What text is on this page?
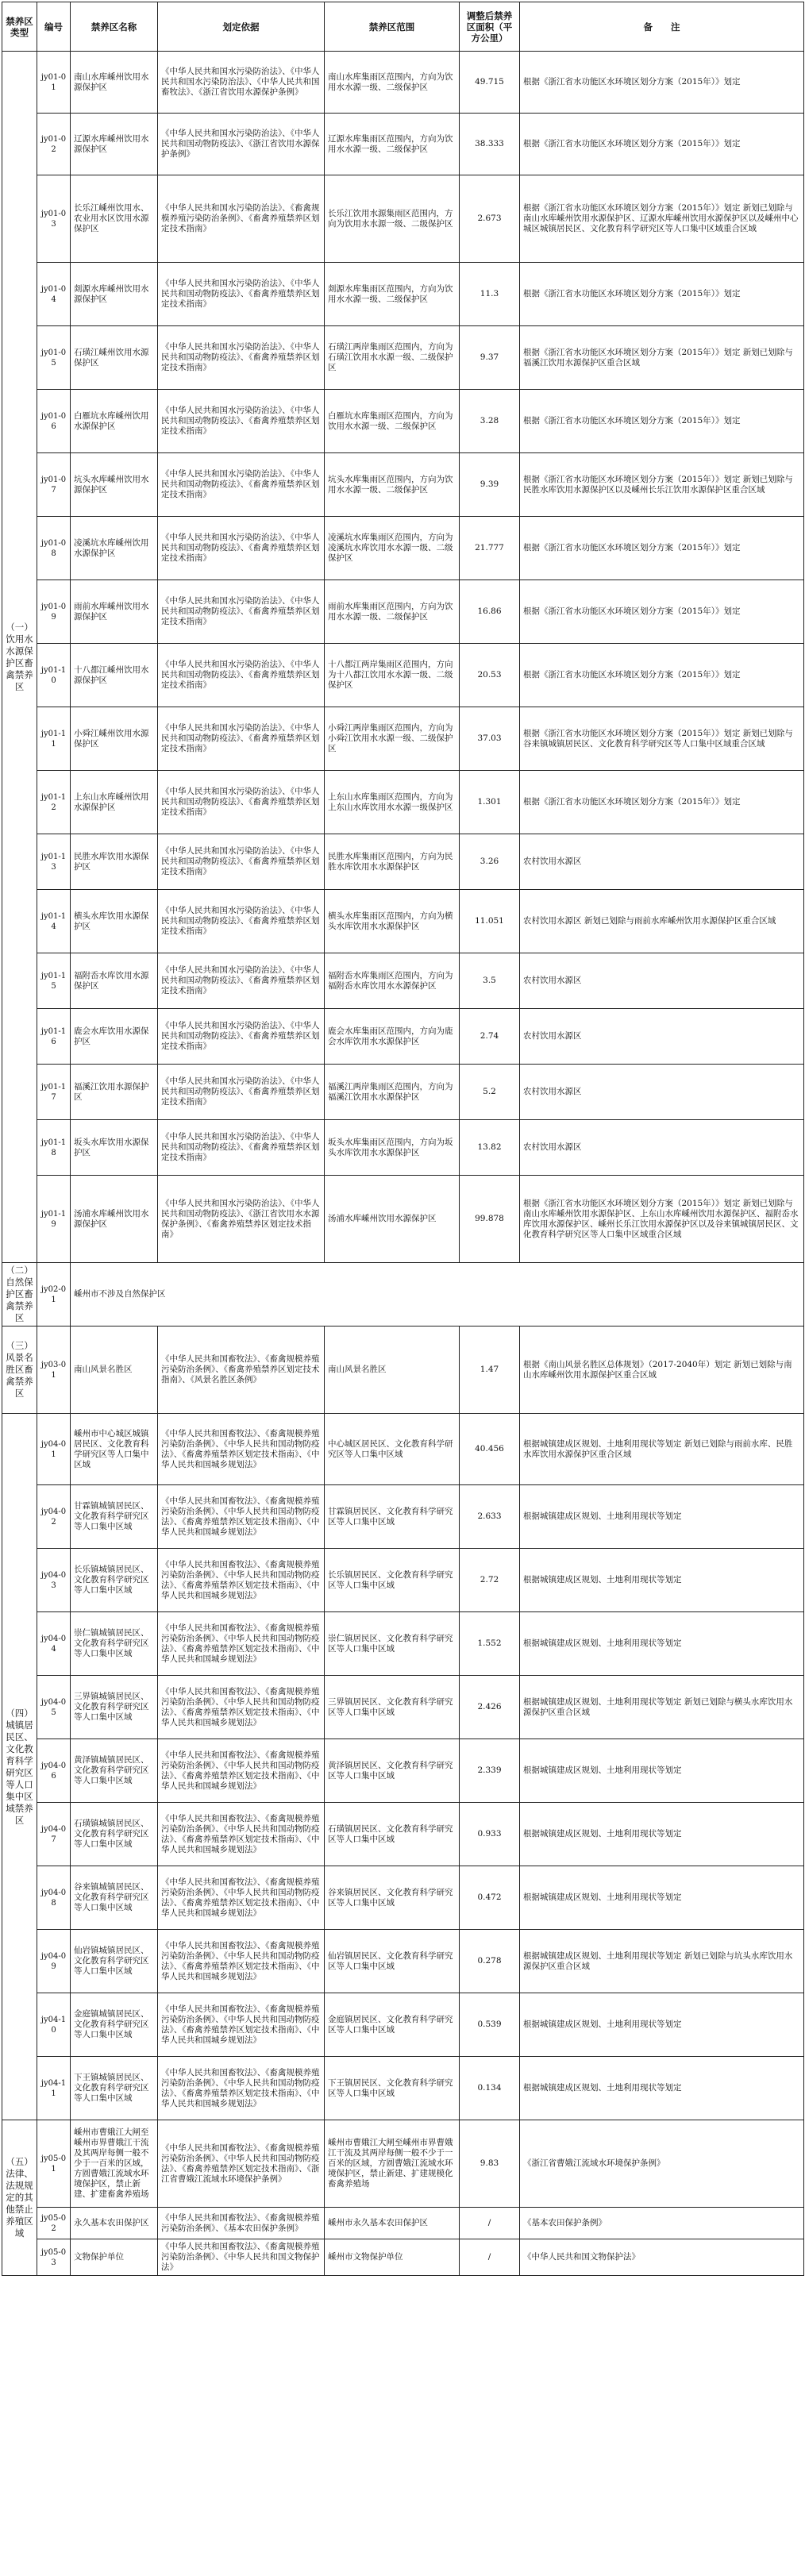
禁养区类型	编号	禁养区名称	划定依据	禁养区范围	调整后禁养区面积（平方公里）	备　　注
（一）饮用水水源保护区畜禽禁养区	jy01-01	南山水库嵊州饮用水源保护区	《中华人民共和国水污染防治法》、《中华人民共和国水污染防治法》、《中华人民共和国畜牧法》、《浙江省饮用水源保护条例》	南山水库集雨区范围内，方向为饮用水水源一级、二级保护区	49.715	根据《浙江省水功能区水环境区划分方案（2015年）》划定
	jy01-02	辽源水库嵊州饮用水源保护区	《中华人民共和国水污染防治法》、《中华人民共和国动物防疫法》、《浙江省饮用水源保护条例》	辽源水库集雨区范围内，方向为饮用水水源一级、二级保护区	38.333	根据《浙江省水功能区水环境区划分方案（2015年）》划定
	jy01-03	长乐江嵊州饮用水、农业用水区饮用水源保护区	《中华人民共和国水污染防治法》、《畜禽规模养殖污染防治条例》、《畜禽养殖禁养区划定技术指南》	长乐江饮用水源集雨区范围内，方向为饮用水水源一级、二级保护区	2.673	根据《浙江省水功能区水环境区划分方案（2015年）》划定 新划已划除与南山水库嵊州饮用水源保护区、辽源水库嵊州饮用水源保护区以及嵊州中心城区城镇居民区、文化教育科学研究区等人口集中区域重合区域
	jy01-04	剡源水库嵊州饮用水源保护区	《中华人民共和国水污染防治法》、《中华人民共和国动物防疫法》、《畜禽养殖禁养区划定技术指南》	剡源水库集雨区范围内，方向为饮用水水源一级、二级保护区	11.3	根据《浙江省水功能区水环境区划分方案（2015年）》划定
	jy01-05	石璜江嵊州饮用水源保护区	《中华人民共和国水污染防治法》、《中华人民共和国动物防疫法》、《畜禽养殖禁养区划定技术指南》	石璜江两岸集雨区范围内，方向为石璜江饮用水水源一级、二级保护区	9.37	根据《浙江省水功能区水环境区划分方案（2015年）》划定 新划已划除与福溪江饮用水源保护区重合区域
	jy01-06	白雁坑水库嵊州饮用水源保护区	《中华人民共和国水污染防治法》、《中华人民共和国动物防疫法》、《畜禽养殖禁养区划定技术指南》	白雁坑水库集雨区范围内，方向为饮用水水源一级、二级保护区	3.28	根据《浙江省水功能区水环境区划分方案（2015年）》划定
	jy01-07	坑头水库嵊州饮用水源保护区	《中华人民共和国水污染防治法》、《中华人民共和国动物防疫法》、《畜禽养殖禁养区划定技术指南》	坑头水库集雨区范围内，方向为饮用水水源一级、二级保护区	9.39	根据《浙江省水功能区水环境区划分方案（2015年）》划定 新划已划除与民胜水库饮用水源保护区以及嵊州长乐江饮用水源保护区重合区域
	jy01-08	凌溪坑水库嵊州饮用水源保护区	《中华人民共和国水污染防治法》、《中华人民共和国动物防疫法》、《畜禽养殖禁养区划定技术指南》	凌溪坑水库集雨区范围内，方向为凌溪坑水库饮用水水源一级、二级保护区	21.777	根据《浙江省水功能区水环境区划分方案（2015年）》划定
	jy01-09	雨前水库嵊州饮用水源保护区	《中华人民共和国水污染防治法》、《中华人民共和国动物防疫法》、《畜禽养殖禁养区划定技术指南》	雨前水库集雨区范围内，方向为饮用水水源一级、二级保护区	16.86	根据《浙江省水功能区水环境区划分方案（2015年）》划定
	jy01-10	十八都江嵊州饮用水源保护区	《中华人民共和国水污染防治法》、《中华人民共和国动物防疫法》、《畜禽养殖禁养区划定技术指南》	十八都江两岸集雨区范围内，方向为十八都江饮用水水源一级、二级保护区	20.53	根据《浙江省水功能区水环境区划分方案（2015年）》划定
	jy01-11	小舜江嵊州饮用水源保护区	《中华人民共和国水污染防治法》、《中华人民共和国动物防疫法》、《畜禽养殖禁养区划定技术指南》	小舜江两岸集雨区范围内，方向为小舜江饮用水水源一级、二级保护区	37.03	根据《浙江省水功能区水环境区划分方案（2015年）》划定 新划已划除与谷来镇城镇居民区、文化教育科学研究区等人口集中区域重合区域
	jy01-12	上东山水库嵊州饮用水源保护区	《中华人民共和国水污染防治法》、《中华人民共和国动物防疫法》、《畜禽养殖禁养区划定技术指南》	上东山水库集雨区范围内，方向为上东山水库饮用水水源一级保护区	1.301	根据《浙江省水功能区水环境区划分方案（2015年）》划定
	jy01-13	民胜水库饮用水源保护区	《中华人民共和国水污染防治法》、《中华人民共和国动物防疫法》、《畜禽养殖禁养区划定技术指南》	民胜水库集雨区范围内，方向为民胜水库饮用水水源保护区	3.26	农村饮用水源区
	jy01-14	横头水库饮用水源保护区	《中华人民共和国水污染防治法》、《中华人民共和国动物防疫法》、《畜禽养殖禁养区划定技术指南》	横头水库集雨区范围内，方向为横头水库饮用水水源保护区	11.051	农村饮用水源区 新划已划除与雨前水库嵊州饮用水源保护区重合区域
	jy01-15	福附岙水库饮用水源保护区	《中华人民共和国水污染防治法》、《中华人民共和国动物防疫法》、《畜禽养殖禁养区划定技术指南》	福附岙水库集雨区范围内，方向为福附岙水库饮用水水源保护区	3.5	农村饮用水源区
	jy01-16	鹿会水库饮用水源保护区	《中华人民共和国水污染防治法》、《中华人民共和国动物防疫法》、《畜禽养殖禁养区划定技术指南》	鹿会水库集雨区范围内，方向为鹿会水库饮用水水源保护区	2.74	农村饮用水源区
	jy01-17	福溪江饮用水源保护区	《中华人民共和国水污染防治法》、《中华人民共和国动物防疫法》、《畜禽养殖禁养区划定技术指南》	福溪江两岸集雨区范围内，方向为福溪江饮用水水源保护区	5.2	农村饮用水源区
	jy01-18	坂头水库饮用水源保护区	《中华人民共和国水污染防治法》、《中华人民共和国动物防疫法》、《畜禽养殖禁养区划定技术指南》	坂头水库集雨区范围内，方向为坂头水库饮用水水源保护区	13.82	农村饮用水源区
	jy01-19	汤浦水库嵊州饮用水源保护区	《中华人民共和国水污染防治法》、《中华人民共和国动物防疫法》、《浙江省饮用水水源保护条例》、《畜禽养殖禁养区划定技术指南》	汤浦水库嵊州饮用水源保护区	99.878	根据《浙江省水功能区水环境区划分方案（2015年）》划定 新划已划除与南山水库嵊州饮用水源保护区、上东山水库嵊州饮用水源保护区、福附岙水库饮用水源保护区、嵊州长乐江饮用水源保护区以及谷来镇城镇居民区、文化教育科学研究区等人口集中区域重合区域
（二）自然保护区畜禽禁养区	jy02-01	嵊州市不涉及自然保护区				
（三）风景名胜区畜禽禁养区	jy03-01	南山风景名胜区	《中华人民共和国畜牧法》、《畜禽规模养殖污染防治条例》、《畜禽养殖禁养区划定技术指南》、《风景名胜区条例》	南山风景名胜区	1.47	根据《南山风景名胜区总体规划》（2017-2040年）划定 新划已划除与南山水库嵊州饮用水源保护区重合区域
（四）城镇居民区、文化教育科学研究区等人口集中区域禁养区	jy04-01	嵊州市中心城区城镇居民区、文化教育科学研究区等人口集中区域	《中华人民共和国畜牧法》、《畜禽规模养殖污染防治条例》、《中华人民共和国动物防疫法》、《畜禽养殖禁养区划定技术指南》、《中华人民共和国城乡规划法》	中心城区居民区、文化教育科学研究区等人口集中区域	40.456	根据城镇建成区规划、土地利用现状等划定 新划已划除与雨前水库、民胜水库饮用水源保护区重合区域
	jy04-02	甘霖镇城镇居民区、文化教育科学研究区等人口集中区域	《中华人民共和国畜牧法》、《畜禽规模养殖污染防治条例》、《中华人民共和国动物防疫法》、《畜禽养殖禁养区划定技术指南》、《中华人民共和国城乡规划法》	甘霖镇居民区、文化教育科学研究区等人口集中区域	2.633	根据城镇建成区规划、土地利用现状等划定
	jy04-03	长乐镇城镇居民区、文化教育科学研究区等人口集中区域	《中华人民共和国畜牧法》、《畜禽规模养殖污染防治条例》、《中华人民共和国动物防疫法》、《畜禽养殖禁养区划定技术指南》、《中华人民共和国城乡规划法》	长乐镇居民区、文化教育科学研究区等人口集中区域	2.72	根据城镇建成区规划、土地利用现状等划定
	jy04-04	崇仁镇城镇居民区、文化教育科学研究区等人口集中区域	《中华人民共和国畜牧法》、《畜禽规模养殖污染防治条例》、《中华人民共和国动物防疫法》、《畜禽养殖禁养区划定技术指南》、《中华人民共和国城乡规划法》	崇仁镇居民区、文化教育科学研究区等人口集中区域	1.552	根据城镇建成区规划、土地利用现状等划定
	jy04-05	三界镇城镇居民区、文化教育科学研究区等人口集中区域	《中华人民共和国畜牧法》、《畜禽规模养殖污染防治条例》、《中华人民共和国动物防疫法》、《畜禽养殖禁养区划定技术指南》、《中华人民共和国城乡规划法》	三界镇居民区、文化教育科学研究区等人口集中区域	2.426	根据城镇建成区规划、土地利用现状等划定 新划已划除与横头水库饮用水源保护区重合区域
	jy04-06	黄泽镇城镇居民区、文化教育科学研究区等人口集中区域	《中华人民共和国畜牧法》、《畜禽规模养殖污染防治条例》、《中华人民共和国动物防疫法》、《畜禽养殖禁养区划定技术指南》、《中华人民共和国城乡规划法》	黄泽镇居民区、文化教育科学研究区等人口集中区域	2.339	根据城镇建成区规划、土地利用现状等划定
	jy04-07	石璜镇城镇居民区、文化教育科学研究区等人口集中区域	《中华人民共和国畜牧法》、《畜禽规模养殖污染防治条例》、《中华人民共和国动物防疫法》、《畜禽养殖禁养区划定技术指南》、《中华人民共和国城乡规划法》	石璜镇居民区、文化教育科学研究区等人口集中区域	0.933	根据城镇建成区规划、土地利用现状等划定
	jy04-08	谷来镇城镇居民区、文化教育科学研究区等人口集中区域	《中华人民共和国畜牧法》、《畜禽规模养殖污染防治条例》、《中华人民共和国动物防疫法》、《畜禽养殖禁养区划定技术指南》、《中华人民共和国城乡规划法》	谷来镇居民区、文化教育科学研究区等人口集中区域	0.472	根据城镇建成区规划、土地利用现状等划定
	jy04-09	仙岩镇城镇居民区、文化教育科学研究区等人口集中区域	《中华人民共和国畜牧法》、《畜禽规模养殖污染防治条例》、《中华人民共和国动物防疫法》、《畜禽养殖禁养区划定技术指南》、《中华人民共和国城乡规划法》	仙岩镇居民区、文化教育科学研究区等人口集中区域	0.278	根据城镇建成区规划、土地利用现状等划定 新划已划除与坑头水库饮用水源保护区重合区域
	jy04-10	金庭镇城镇居民区、文化教育科学研究区等人口集中区域	《中华人民共和国畜牧法》、《畜禽规模养殖污染防治条例》、《中华人民共和国动物防疫法》、《畜禽养殖禁养区划定技术指南》、《中华人民共和国城乡规划法》	金庭镇居民区、文化教育科学研究区等人口集中区域	0.539	根据城镇建成区规划、土地利用现状等划定
	jy04-11	下王镇城镇居民区、文化教育科学研究区等人口集中区域	《中华人民共和国畜牧法》、《畜禽规模养殖污染防治条例》、《中华人民共和国动物防疫法》、《畜禽养殖禁养区划定技术指南》、《中华人民共和国城乡规划法》	下王镇居民区、文化教育科学研究区等人口集中区域	0.134	根据城镇建成区规划、土地利用现状等划定
（五）法律、法规规定的其他禁止养殖区域	jy05-01	嵊州市曹娥江大闸至嵊州市界曹娥江干流及其两岸每侧一般不少于一百米的区域，方圆曹娥江流域水环境保护区，禁止新建、扩建畜禽养殖场	《中华人民共和国畜牧法》、《畜禽规模养殖污染防治条例》、《中华人民共和国动物防疫法》、《畜禽养殖禁养区划定技术指南》、《浙江省曹娥江流域水环境保护条例》	嵊州市曹娥江大闸至嵊州市界曹娥江干流及其两岸每侧一般不少于一百米的区域，方圆曹娥江流域水环境保护区，禁止新建、扩建规模化畜禽养殖场	9.83	《浙江省曹娥江流域水环境保护条例》
	jy05-02	永久基本农田保护区	《中华人民共和国畜牧法》、《畜禽规模养殖污染防治条例》、《基本农田保护条例》	嵊州市永久基本农田保护区	/	《基本农田保护条例》
	jy05-03	文物保护单位	《中华人民共和国畜牧法》、《畜禽规模养殖污染防治条例》、《中华人民共和国文物保护法》	嵊州市文物保护单位	/	《中华人民共和国文物保护法》
